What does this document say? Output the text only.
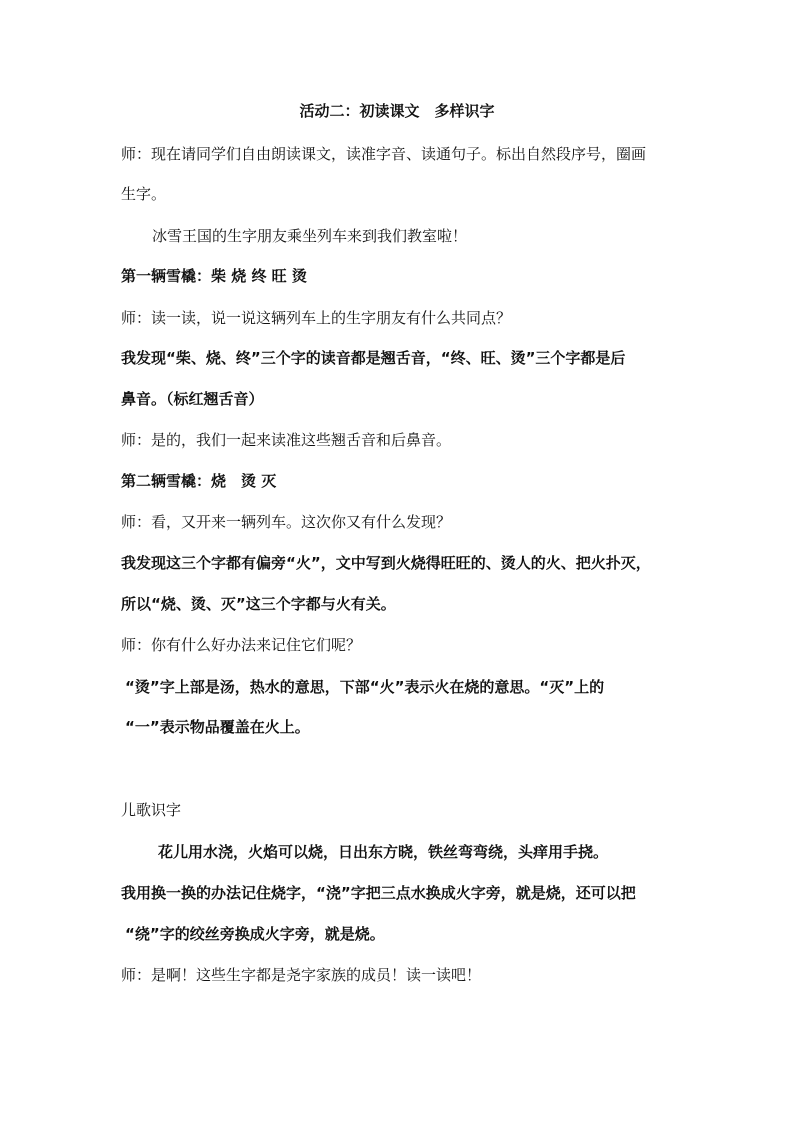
活动二：初读课文　多样识字
师：现在请同学们自由朗读课文，读准字音、读通句子。标出自然段序号，圈画
生字。
冰雪王国的生字朋友乘坐列车来到我们教室啦！
第一辆雪橇：柴 烧 终 旺 烫
师：读一读，说一说这辆列车上的生字朋友有什么共同点？
我发现“柴、烧、终”三个字的读音都是翘舌音，“终、旺、烫”三个字都是后
鼻音。（标红翘舌音）
师：是的，我们一起来读准这些翘舌音和后鼻音。
第二辆雪橇：烧　烫 灭
师：看，又开来一辆列车。这次你又有什么发现？
我发现这三个字都有偏旁“火”，文中写到火烧得旺旺的、烫人的火、把火扑灭，
所以“烧、烫、灭”这三个字都与火有关。
师：你有什么好办法来记住它们呢？
“烫”字上部是汤，热水的意思，下部“火”表示火在烧的意思。“灭”上的
“一”表示物品覆盖在火上。
儿歌识字
花儿用水浇，火焰可以烧，日出东方晓，铁丝弯弯绕，头痒用手挠。
我用换一换的办法记住烧字，“浇”字把三点水换成火字旁，就是烧，还可以把
“绕”字的绞丝旁换成火字旁，就是烧。
师：是啊！这些生字都是尧字家族的成员！读一读吧！
